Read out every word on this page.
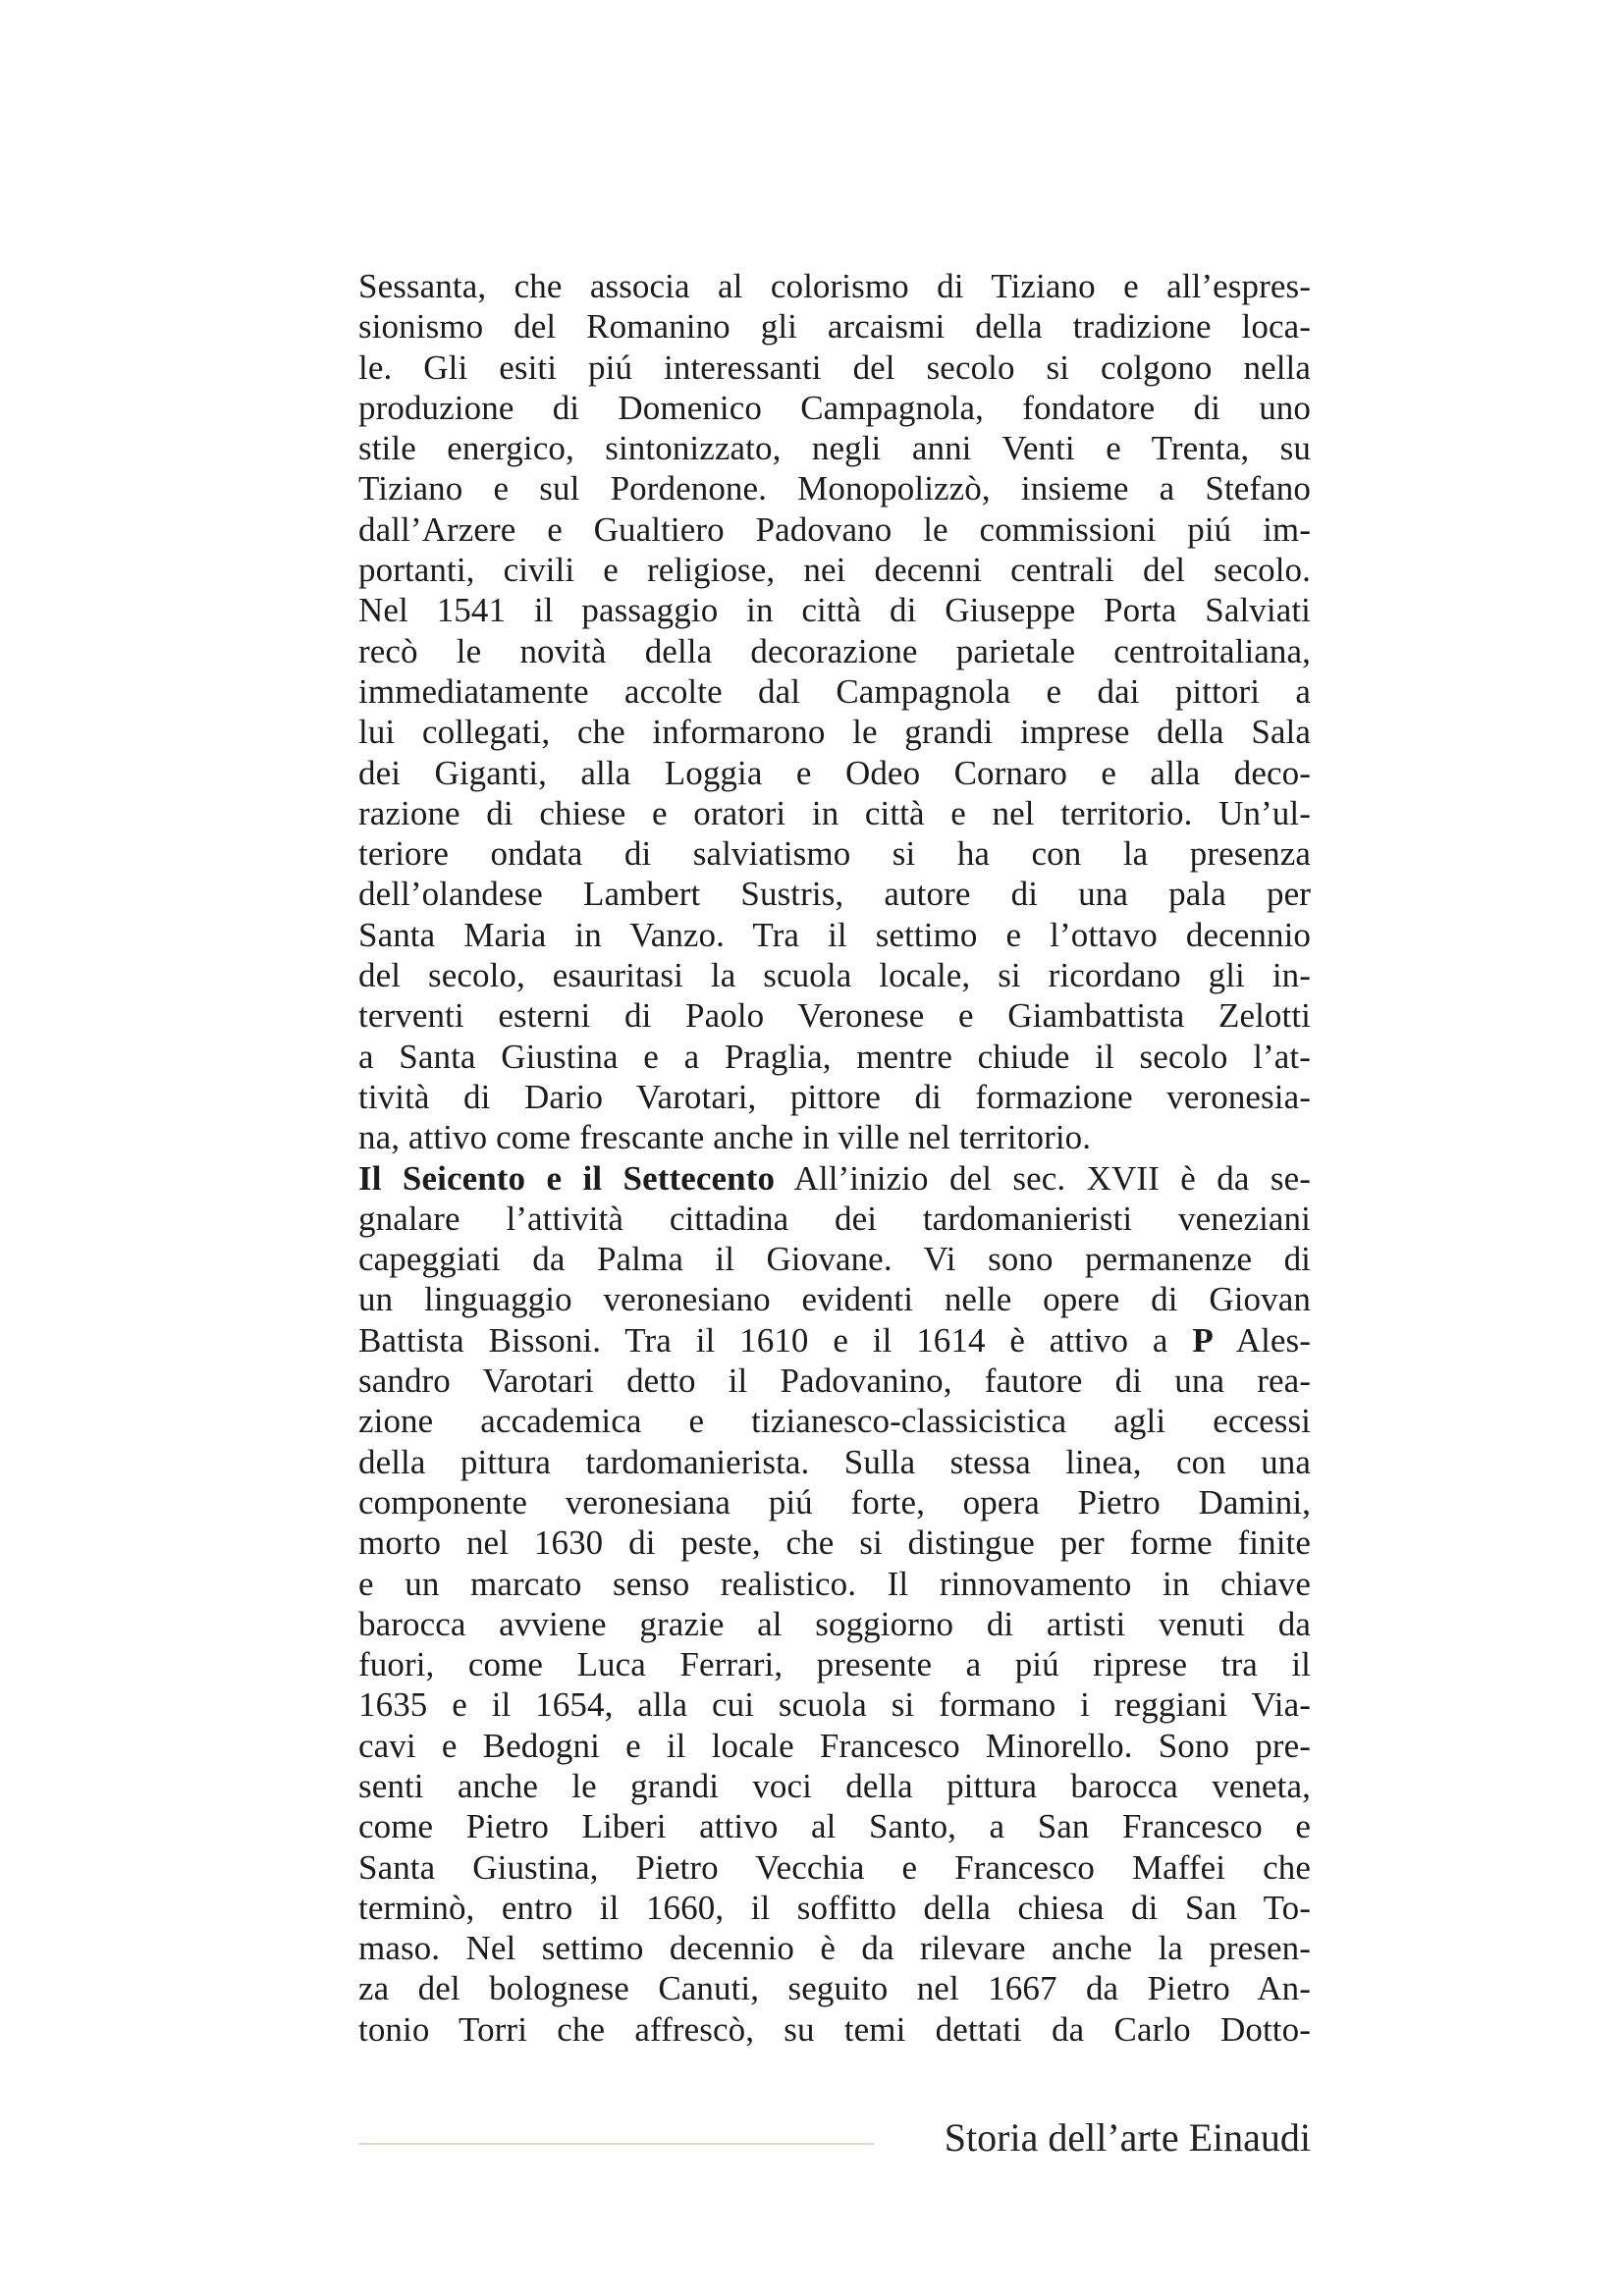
Sessanta, che associa al colorismo di Tiziano e all’espres-
sionismo del Romanino gli arcaismi della tradizione loca-
le. Gli esiti piú interessanti del secolo si colgono nella
produzione di Domenico Campagnola, fondatore di uno
stile energico, sintonizzato, negli anni Venti e Trenta, su
Tiziano e sul Pordenone. Monopolizzò, insieme a Stefano
dall’Arzere e Gualtiero Padovano le commissioni piú im-
portanti, civili e religiose, nei decenni centrali del secolo.
Nel 1541 il passaggio in città di Giuseppe Porta Salviati
recò le novità della decorazione parietale centroitaliana,
immediatamente accolte dal Campagnola e dai pittori a
lui collegati, che informarono le grandi imprese della Sala
dei Giganti, alla Loggia e Odeo Cornaro e alla deco-
razione di chiese e oratori in città e nel territorio. Un’ul-
teriore ondata di salviatismo si ha con la presenza
dell’olandese Lambert Sustris, autore di una pala per
Santa Maria in Vanzo. Tra il settimo e l’ottavo decennio
del secolo, esauritasi la scuola locale, si ricordano gli in-
terventi esterni di Paolo Veronese e Giambattista Zelotti
a Santa Giustina e a Praglia, mentre chiude il secolo l’at-
tività di Dario Varotari, pittore di formazione veronesia-
na, attivo come frescante anche in ville nel territorio.
Il Seicento e il Settecento All’inizio del sec. XVII è da se-
gnalare l’attività cittadina dei tardomanieristi veneziani
capeggiati da Palma il Giovane. Vi sono permanenze di
un linguaggio veronesiano evidenti nelle opere di Giovan
Battista Bissoni. Tra il 1610 e il 1614 è attivo a P Ales-
sandro Varotari detto il Padovanino, fautore di una rea-
zione accademica e tizianesco-classicistica agli eccessi
della pittura tardomanierista. Sulla stessa linea, con una
componente veronesiana piú forte, opera Pietro Damini,
morto nel 1630 di peste, che si distingue per forme finite
e un marcato senso realistico. Il rinnovamento in chiave
barocca avviene grazie al soggiorno di artisti venuti da
fuori, come Luca Ferrari, presente a piú riprese tra il
1635 e il 1654, alla cui scuola si formano i reggiani Via-
cavi e Bedogni e il locale Francesco Minorello. Sono pre-
senti anche le grandi voci della pittura barocca veneta,
come Pietro Liberi attivo al Santo, a San Francesco e
Santa Giustina, Pietro Vecchia e Francesco Maffei che
terminò, entro il 1660, il soffitto della chiesa di San To-
maso. Nel settimo decennio è da rilevare anche la presen-
za del bolognese Canuti, seguito nel 1667 da Pietro An-
tonio Torri che affrescò, su temi dettati da Carlo Dotto-
Storia dell’arte Einaudi
